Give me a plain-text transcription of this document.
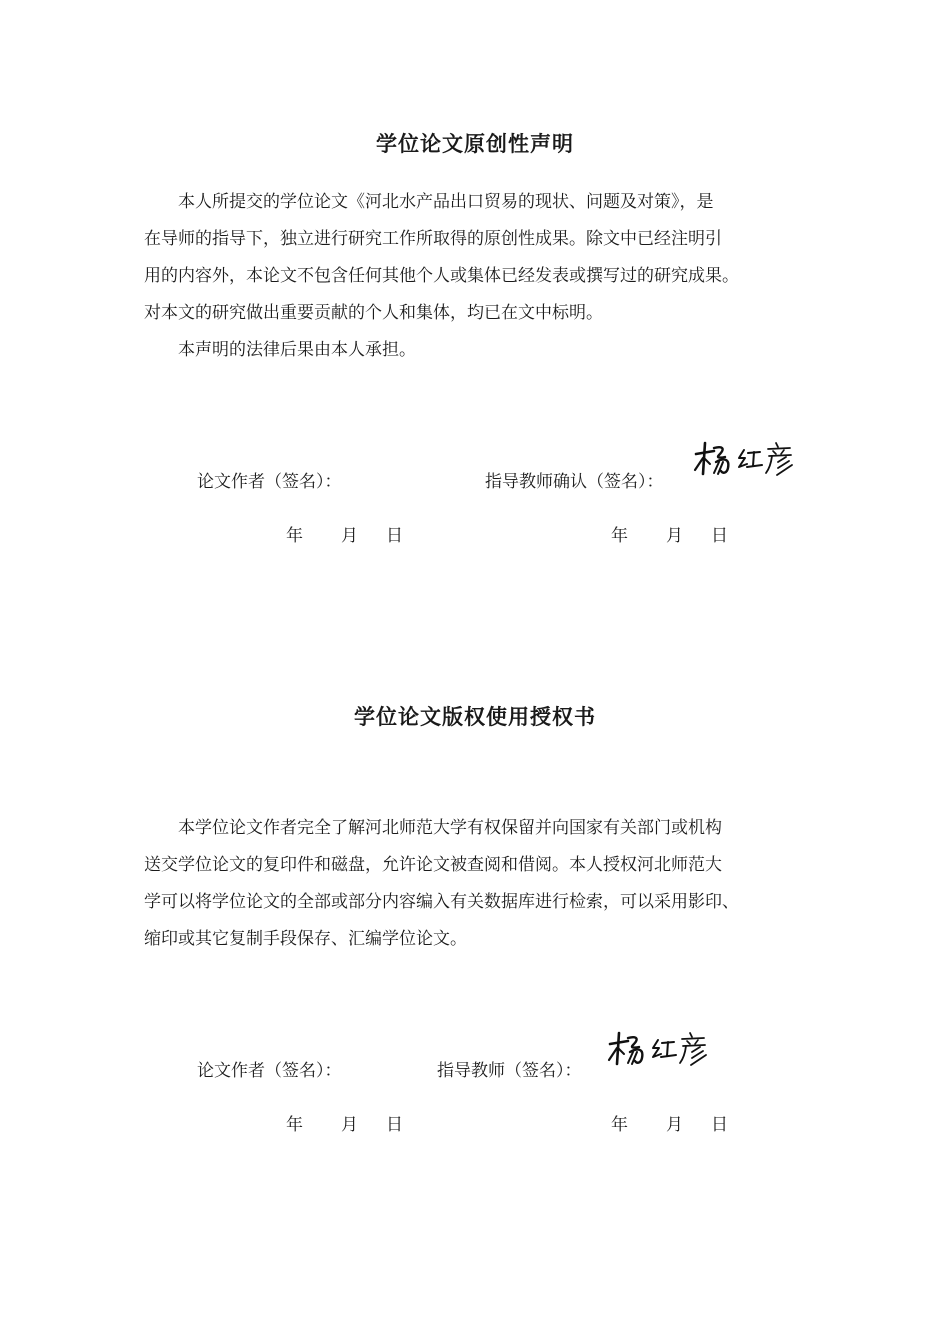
学位论文原创性声明
本人所提交的学位论文《河北水产品出口贸易的现状、问题及对策》，是
在导师的指导下，独立进行研究工作所取得的原创性成果。除文中已经注明引
用的内容外，本论文不包含任何其他个人或集体已经发表或撰写过的研究成果。
对本文的研究做出重要贡献的个人和集体，均已在文中标明。
本声明的法律后果由本人承担。
论文作者（签名）：	指导教师确认（签名）：
年 月 日	年 月 日
学位论文版权使用授权书
本学位论文作者完全了解河北师范大学有权保留并向国家有关部门或机构
送交学位论文的复印件和磁盘，允许论文被查阅和借阅。本人授权河北师范大
学可以将学位论文的全部或部分内容编入有关数据库进行检索，可以采用影印、
缩印或其它复制手段保存、汇编学位论文。
论文作者（签名）：	指导教师（签名）：
年 月 日	年 月 日
